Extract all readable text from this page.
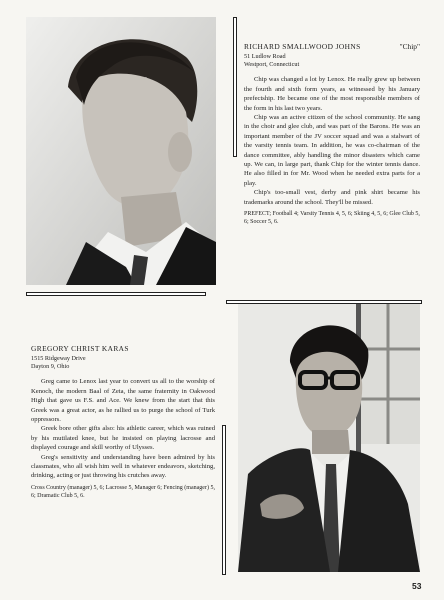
RICHARD SMALLWOOD JOHNS	"Chip"
51 Ludlow Road
Westport, Connecticut

Chip was changed a lot by Lenox. He really grew up between the fourth and sixth form years, as witnessed by his January prefectship. He became one of the most responsible members of the form in his last two years.

Chip was an active citizen of the school community. He sang in the choir and glee club, and was part of the Barons. He was an important member of the JV soccer squad and was a stalwart of the varsity tennis team. In addition, he was co-chairman of the dance committee, ably handling the minor disasters which came up. We can, in large part, thank Chip for the winter tennis dance. He also filled in for Mr. Wood when he needed extra parts for a play.

Chip's too-small vest, derby and pink shirt became his trademarks around the school. They'll be missed.

PREFECT; Football 4; Varsity Tennis 4, 5, 6; Skiing 4, 5, 6; Glee Club 5, 6; Soccer 5, 6.
GREGORY CHRIST KARAS
1515 Ridgeway Drive
Dayton 9, Ohio

Greg came to Lenox last year to convert us all to the worship of Kenoch, the modern Baal of Zeta, the same fraternity in Oakwood High that gave us F.S. and Ace. We knew from the start that this Greek was a great actor, as he rallied us to purge the school of Turk oppressors.

Greek bore other gifts also: his athletic career, which was ruined by his mutilated knee, but he insisted on playing lacrosse and displayed courage and skill worthy of Ulysses.

Greg's sensitivity and understanding have been admired by his classmates, who all wish him well in whatever endeavors, sketching, drinking, acting or just throwing his crutches away.

Cross Country (manager) 5, 6; Lacrosse 5, Manager 6; Fencing (manager) 5, 6; Dramatic Club 5, 6.
53
